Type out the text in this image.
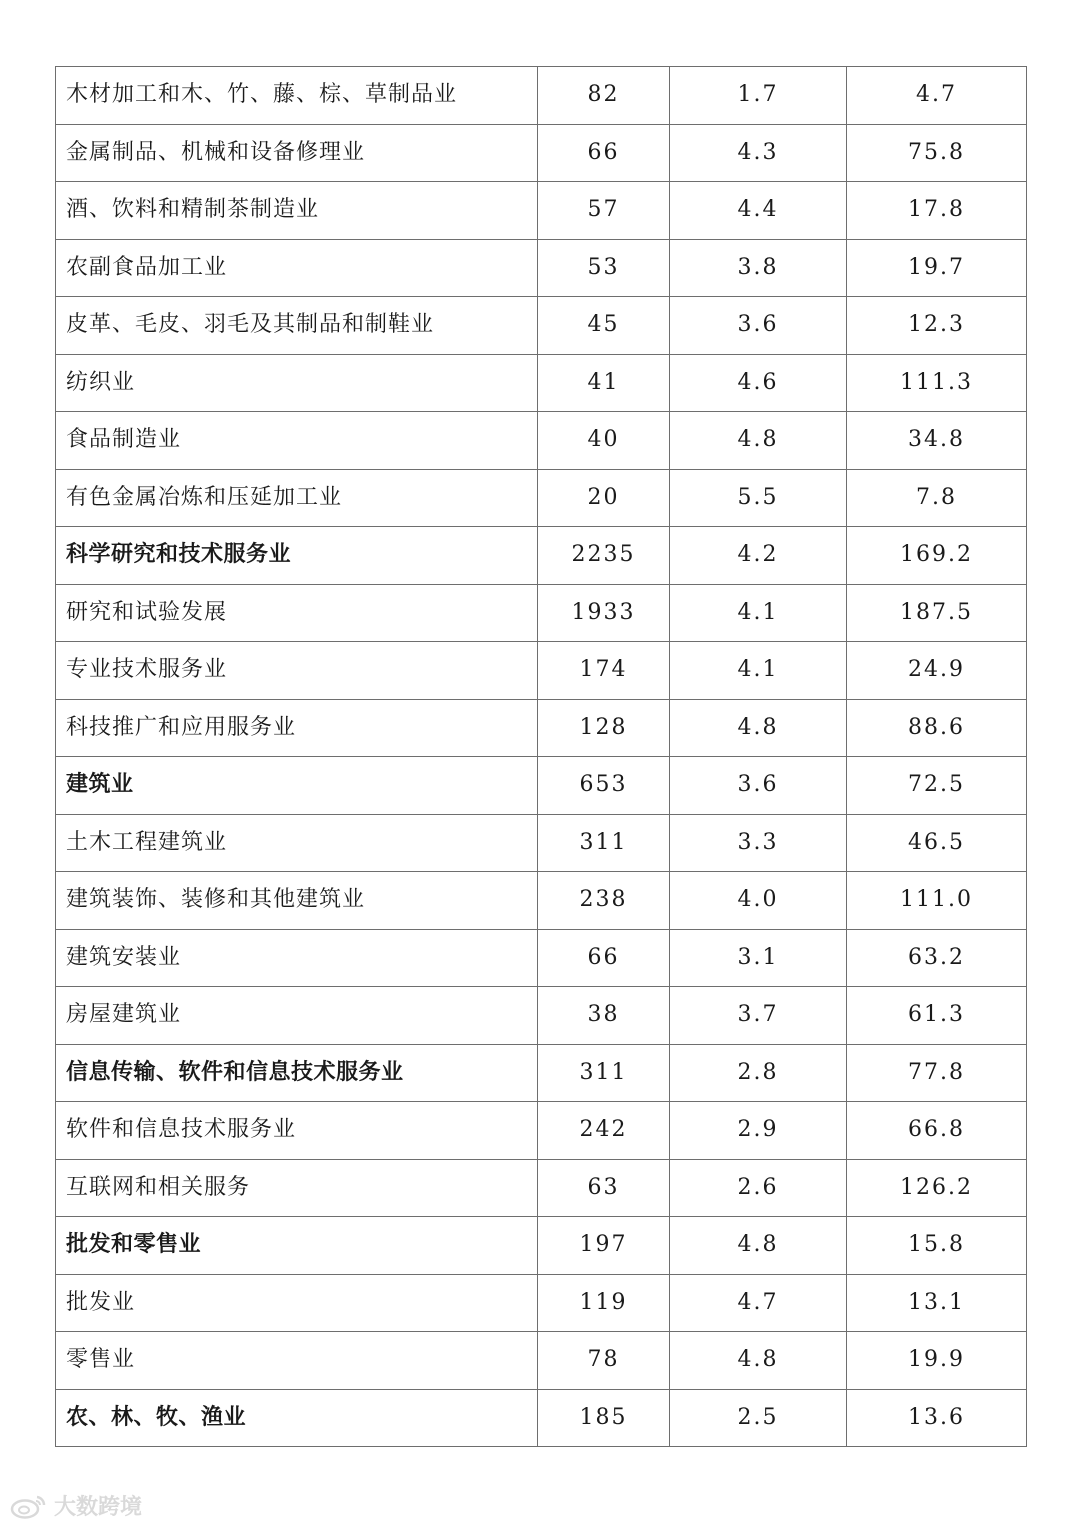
木材加工和木、竹、藤、棕、草制品业	82	1.7	4.7
金属制品、机械和设备修理业	66	4.3	75.8
酒、饮料和精制茶制造业	57	4.4	17.8
农副食品加工业	53	3.8	19.7
皮革、毛皮、羽毛及其制品和制鞋业	45	3.6	12.3
纺织业	41	4.6	111.3
食品制造业	40	4.8	34.8
有色金属冶炼和压延加工业	20	5.5	7.8
科学研究和技术服务业	2235	4.2	169.2
研究和试验发展	1933	4.1	187.5
专业技术服务业	174	4.1	24.9
科技推广和应用服务业	128	4.8	88.6
建筑业	653	3.6	72.5
土木工程建筑业	311	3.3	46.5
建筑装饰、装修和其他建筑业	238	4.0	111.0
建筑安装业	66	3.1	63.2
房屋建筑业	38	3.7	61.3
信息传输、软件和信息技术服务业	311	2.8	77.8
软件和信息技术服务业	242	2.9	66.8
互联网和相关服务	63	2.6	126.2
批发和零售业	197	4.8	15.8
批发业	119	4.7	13.1
零售业	78	4.8	19.9
农、林、牧、渔业	185	2.5	13.6
大数跨境
